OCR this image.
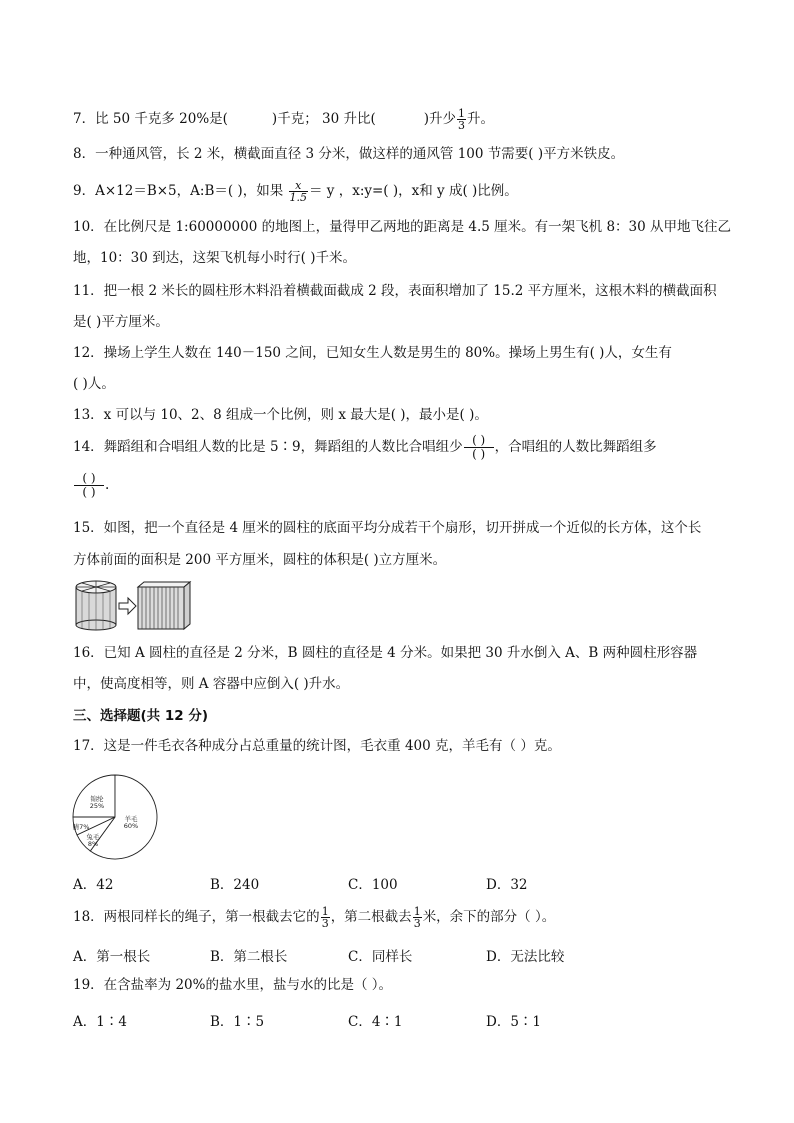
7．比 50 千克多 20%是(	)千克； 30 升比(	)升少 $\frac{1}{3}$ 升。
8．一种通风管，长 2 米，横截面直径 3 分米，做这样的通风管 100 节需要( )平方米铁皮。
9．A×12＝B×5，A:B＝( )，如果 $\frac{x}{1.5} = y$ ，x:y=( )，x和 y 成( )比例。
10．在比例尺是 1:60000000 的地图上，量得甲乙两地的距离是 4.5 厘米。有一架飞机 8：30 从甲地飞往乙
地，10：30 到达，这架飞机每小时行( )千米。
11．把一根 2 米长的圆柱形木料沿着横截面截成 2 段，表面积增加了 15.2 平方厘米，这根木料的横截面积
是( )平方厘米。
12．操场上学生人数在 140－150 之间，已知女生人数是男生的 80%。操场上男生有( )人，女生有
( )人。
13．x 可以与 10、2、8 组成一个比例，则 x 最大是( )，最小是( )。
14．舞蹈组和合唱组人数的比是 5∶9，舞蹈组的人数比合唱组少 $\frac{( )}{( )}$ ，合唱组的人数比舞蹈组多
$\frac{( )}{( )}$ .
15．如图，把一个直径是 4 厘米的圆柱的底面平均分成若干个扇形，切开拼成一个近似的长方体，这个长
方体前面的面积是 200 平方厘米，圆柱的体积是( )立方厘米。
16．已知 A 圆柱的直径是 2 分米，B 圆柱的直径是 4 分米。如果把 30 升水倒入 A、B 两种圆柱形容器
中，使高度相等，则 A 容器中应倒入( )升水。
三、选择题(共 12 分)
17．这是一件毛衣各种成分占总重量的统计图，毛衣重 400 克，羊毛有（ ）克。
锦纶 25%
羊毛 60%
兔毛 8%
腈7%
A．42	B．240	C．100	D．32
18．两根同样长的绳子，第一根截去它的 $\frac{1}{3}$ ，第二根截去 $\frac{1}{3}$ 米，余下的部分（ ）。
A．第一根长	B．第二根长	C．同样长	D．无法比较
19．在含盐率为 20%的盐水里，盐与水的比是（ ）。
A．1∶4	B．1∶5	C．4∶1	D．5∶1
